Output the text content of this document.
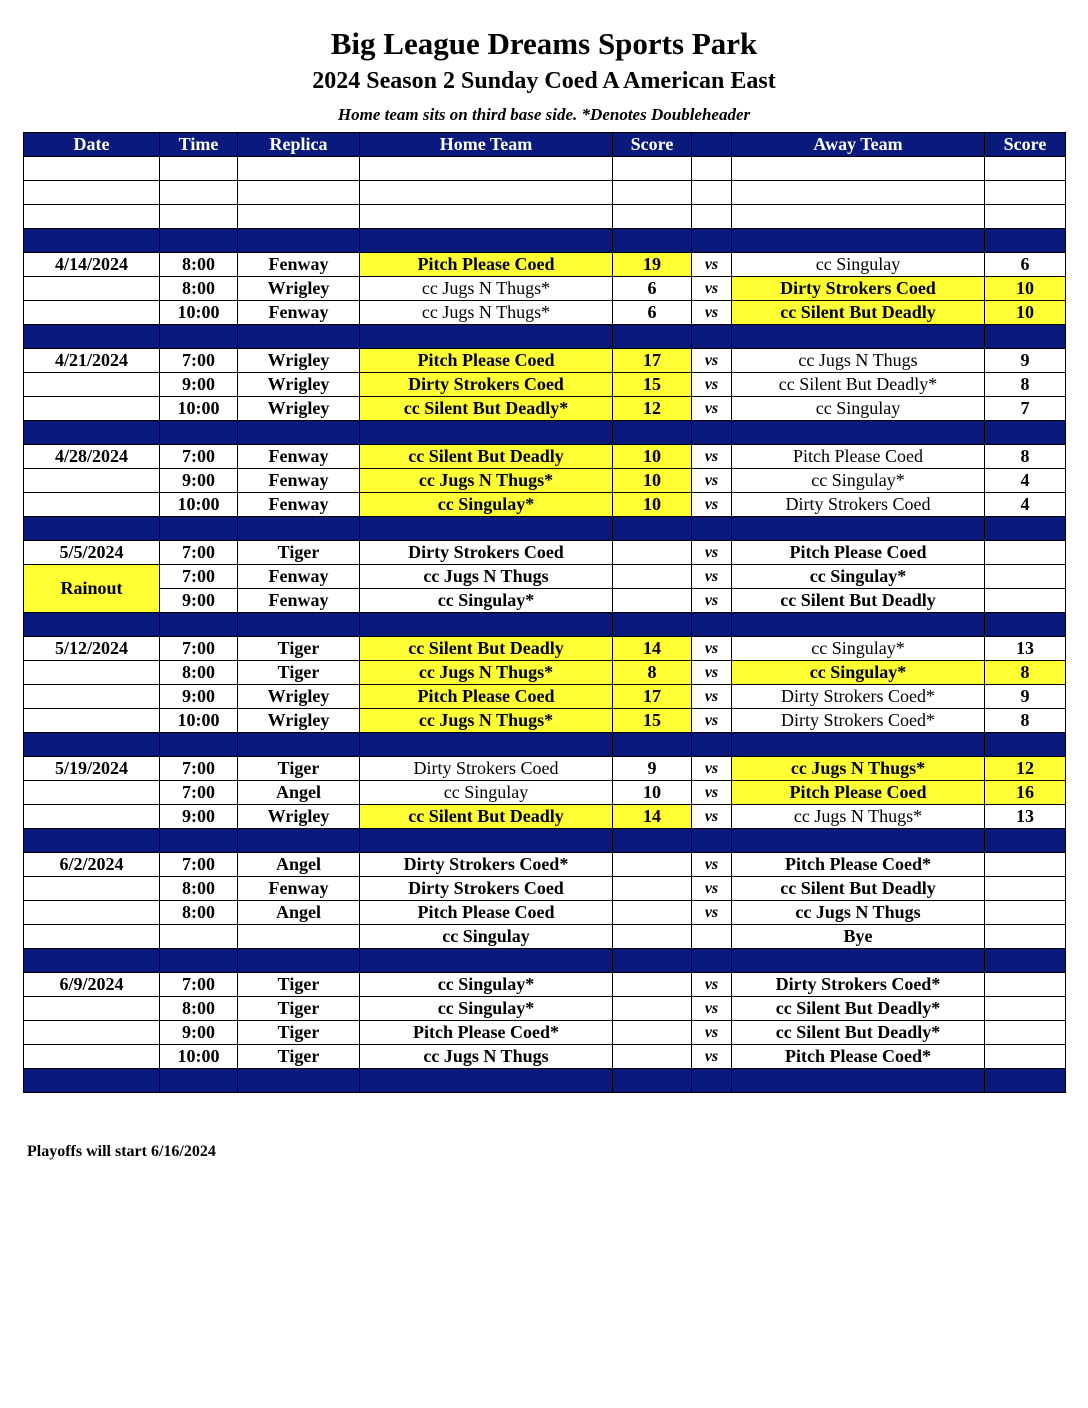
Big League Dreams Sports Park
2024 Season 2 Sunday Coed A American East
Home team sits on third base side. *Denotes Doubleheader
Date	Time	Replica	Home Team	Score		Away Team	Score

4/14/2024	8:00	Fenway	Pitch Please Coed	19	vs	cc Singulay	6
	8:00	Wrigley	cc Jugs N Thugs*	6	vs	Dirty Strokers Coed	10
	10:00	Fenway	cc Jugs N Thugs*	6	vs	cc Silent But Deadly	10

4/21/2024	7:00	Wrigley	Pitch Please Coed	17	vs	cc Jugs N Thugs	9
	9:00	Wrigley	Dirty Strokers Coed	15	vs	cc Silent But Deadly*	8
	10:00	Wrigley	cc Silent But Deadly*	12	vs	cc Singulay	7

4/28/2024	7:00	Fenway	cc Silent But Deadly	10	vs	Pitch Please Coed	8
	9:00	Fenway	cc Jugs N Thugs*	10	vs	cc Singulay*	4
	10:00	Fenway	cc Singulay*	10	vs	Dirty Strokers Coed	4

5/5/2024	7:00	Tiger	Dirty Strokers Coed		vs	Pitch Please Coed	
Rainout	7:00	Fenway	cc Jugs N Thugs		vs	cc Singulay*	
	9:00	Fenway	cc Singulay*		vs	cc Silent But Deadly	

5/12/2024	7:00	Tiger	cc Silent But Deadly	14	vs	cc Singulay*	13
	8:00	Tiger	cc Jugs N Thugs*	8	vs	cc Singulay*	8
	9:00	Wrigley	Pitch Please Coed	17	vs	Dirty Strokers Coed*	9
	10:00	Wrigley	cc Jugs N Thugs*	15	vs	Dirty Strokers Coed*	8

5/19/2024	7:00	Tiger	Dirty Strokers Coed	9	vs	cc Jugs N Thugs*	12
	7:00	Angel	cc Singulay	10	vs	Pitch Please Coed	16
	9:00	Wrigley	cc Silent But Deadly	14	vs	cc Jugs N Thugs*	13

6/2/2024	7:00	Angel	Dirty Strokers Coed*		vs	Pitch Please Coed*	
	8:00	Fenway	Dirty Strokers Coed		vs	cc Silent But Deadly	
	8:00	Angel	Pitch Please Coed		vs	cc Jugs N Thugs	
			cc Singulay			Bye	

6/9/2024	7:00	Tiger	cc Singulay*		vs	Dirty Strokers Coed*	
	8:00	Tiger	cc Singulay*		vs	cc Silent But Deadly*	
	9:00	Tiger	Pitch Please Coed*		vs	cc Silent But Deadly*	
	10:00	Tiger	cc Jugs N Thugs		vs	Pitch Please Coed*	

Playoffs will start 6/16/2024
